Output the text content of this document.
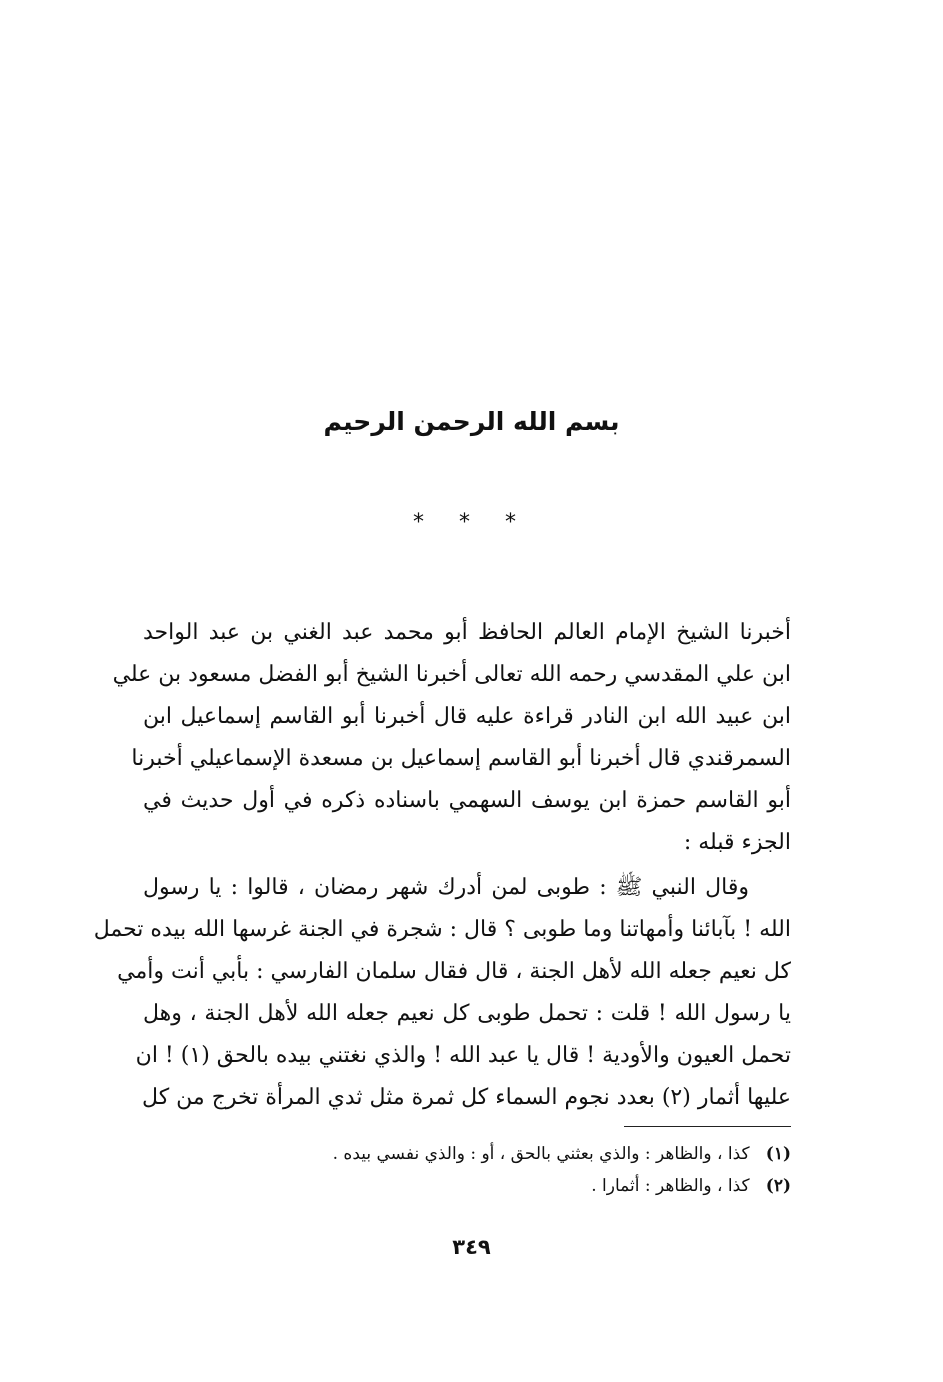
بسم الله الرحمن الرحيم
* * *
أخبرنا الشيخ الإمام العالم الحافظ أبو محمد عبد الغني بن عبد الواحد
ابن علي المقدسي رحمه الله تعالى أخبرنا الشيخ أبو الفضل مسعود بن علي
ابن عبيد الله ابن النادر قراءة عليه قال أخبرنا أبو القاسم إسماعيل ابن
السمرقندي قال أخبرنا أبو القاسم إسماعيل بن مسعدة الإسماعيلي أخبرنا
أبو القاسم حمزة ابن يوسف السهمي باسناده ذكره في أول حديث في
الجزء قبله :
وقال النبي ﷺ : طوبى لمن أدرك شهر رمضان ، قالوا : يا رسول
الله ! بآبائنا وأمهاتنا وما طوبى ؟ قال : شجرة في الجنة غرسها الله بيده تحمل
كل نعيم جعله الله لأهل الجنة ، قال فقال سلمان الفارسي : بأبي أنت وأمي
يا رسول الله ! قلت : تحمل طوبى كل نعيم جعله الله لأهل الجنة ، وهل
تحمل العيون والأودية ! قال يا عبد الله ! والذي نغتني بيده بالحق (١) ! ان
عليها أثمار (٢) بعدد نجوم السماء كل ثمرة مثل ثدي المرأة تخرج من كل
(١) كذا ، والظاهر : والذي بعثني بالحق ، أو : والذي نفسي بيده .
(٢) كذا ، والظاهر : أثمارا .
٣٤٩
